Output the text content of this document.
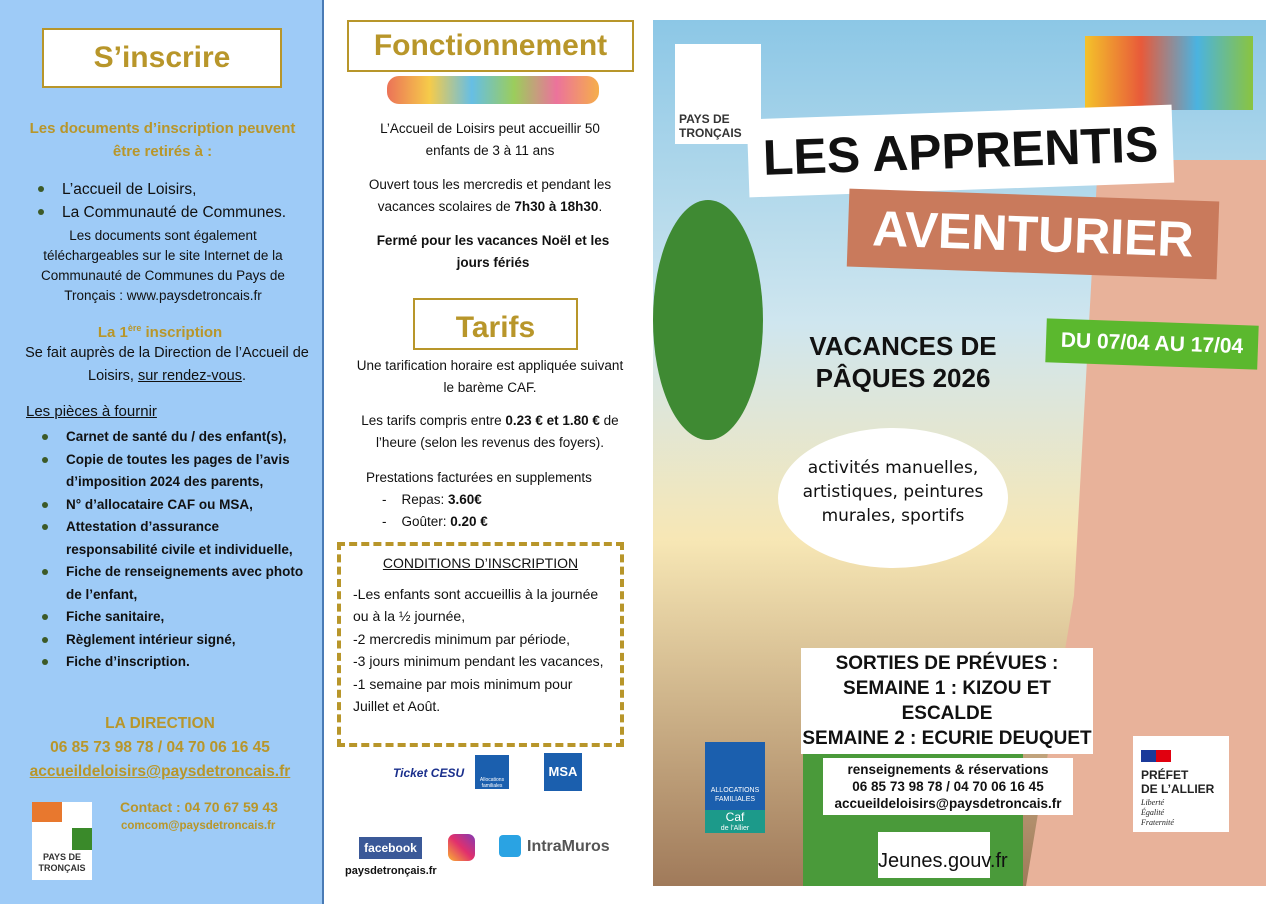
S’inscrire
Les documents d’inscription peuvent être retirés à :
L’accueil de Loisirs,
La Communauté de Communes.
Les documents sont également téléchargeables sur le site Internet de la Communauté de Communes du Pays de Tronçais : www.paysdetroncais.fr
La 1ère inscription
Se fait auprès de la Direction de l’Accueil de Loisirs, sur rendez-vous.
Les pièces à fournir
Carnet de santé du / des enfant(s),
Copie de toutes les pages de l’avis d’imposition 2024 des parents,
N° d’allocataire CAF ou MSA,
Attestation d’assurance responsabilité civile et individuelle,
Fiche de renseignements avec photo de l’enfant,
Fiche sanitaire,
Règlement intérieur signé,
Fiche d’inscription.
LA DIRECTION
06 85 73 98 78 / 04 70 06 16 45
accueildeloisirs@paysdetroncais.fr
PAYS DE TRONÇAIS
Contact : 04 70 67 59 43
comcom@paysdetroncais.fr
Fonctionnement
L’Accueil de Loisirs peut accueillir 50 enfants de 3 à 11 ans
Ouvert tous les mercredis et pendant les vacances scolaires de 7h30 à 18h30.
Fermé pour les vacances Noël et les jours fériés
Tarifs
Une tarification horaire est appliquée suivant le barème CAF.
Les tarifs compris entre 0.23 € et 1.80 € de l’heure (selon les revenus des foyers).
Prestations facturées en supplements
-    Repas: 3.60€
-    Goûter: 0.20 €
CONDITIONS D’INSCRIPTION
-Les enfants sont accueillis à la journée ou à la ½ journée,
-2 mercredis minimum par période,
-3 jours minimum pendant les vacances,
-1 semaine par mois minimum pour Juillet et Août.
Ticket CESU	Allocations familiales
MSA
facebook	IntraMuros
paysdetronçais.fr
PAYS DE TRONÇAIS LES APPRENTIS
AVENTURIER
DU 07/04 AU 17/04
VACANCES DE PÂQUES 2026
activités manuelles, artistiques, peintures murales, sportifs
SORTIES DE PRÉVUES :
SEMAINE 1 : KIZOU ET ESCALDE
SEMAINE 2 : ECURIE DEUQUET
ALLOCATIONS FAMILIALES
Caf
de l’Allier
renseignements & réservations
06 85 73 98 78 / 04 70 06 16 45
accueildeloisirs@paysdetroncais.fr
Jeunes.gouv.fr
PRÉFET
DE L’ALLIER
Liberté
Égalité
Fraternité
